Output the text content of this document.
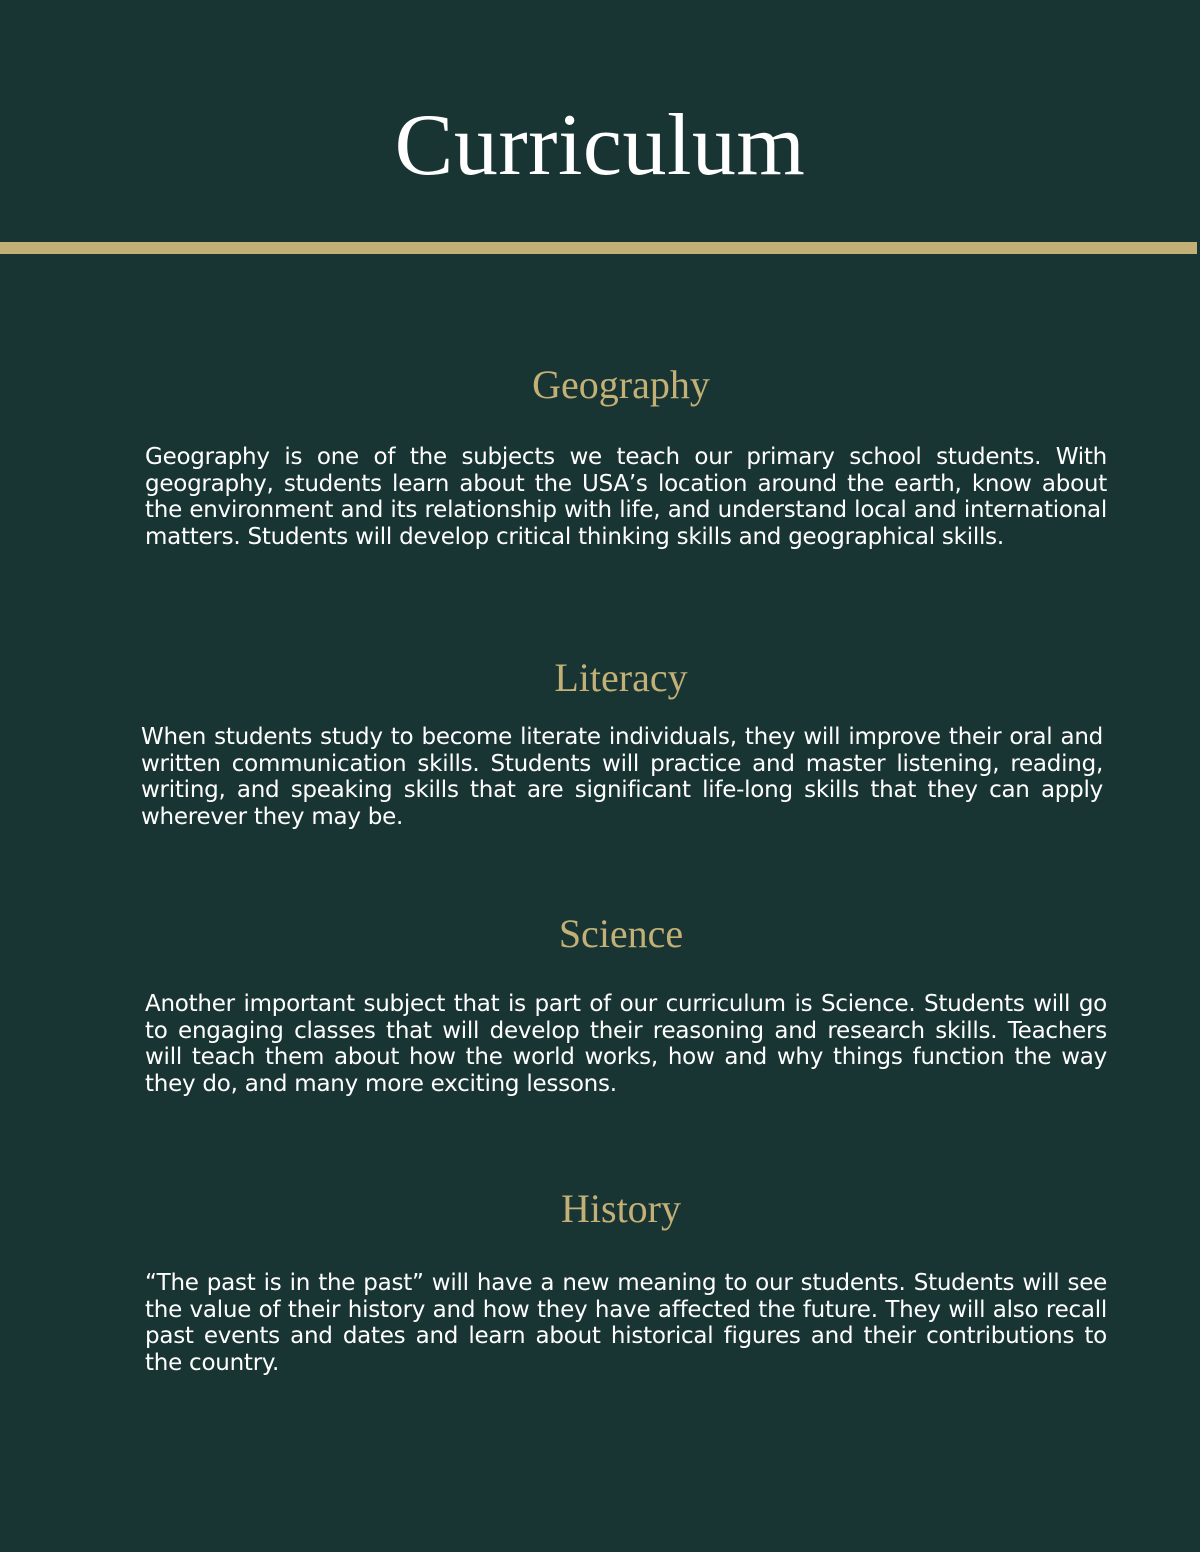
Curriculum
Geography

Geography is one of the subjects we teach our primary school students. With geography, students learn about the USA’s location around the earth, know about the environment and its relationship with life, and understand local and international matters. Students will develop critical thinking skills and geographical skills.

Literacy

When students study to become literate individuals, they will improve their oral and written communication skills. Students will practice and master listening, reading, writing, and speaking skills that are significant life-long skills that they can apply wherever they may be.

Science

Another important subject that is part of our curriculum is Science. Students will go to engaging classes that will develop their reasoning and research skills. Teachers will teach them about how the world works, how and why things function the way they do, and many more exciting lessons.

History

“The past is in the past” will have a new meaning to our students. Students will see the value of their history and how they have affected the future. They will also recall past events and dates and learn about historical figures and their contributions to the country.
